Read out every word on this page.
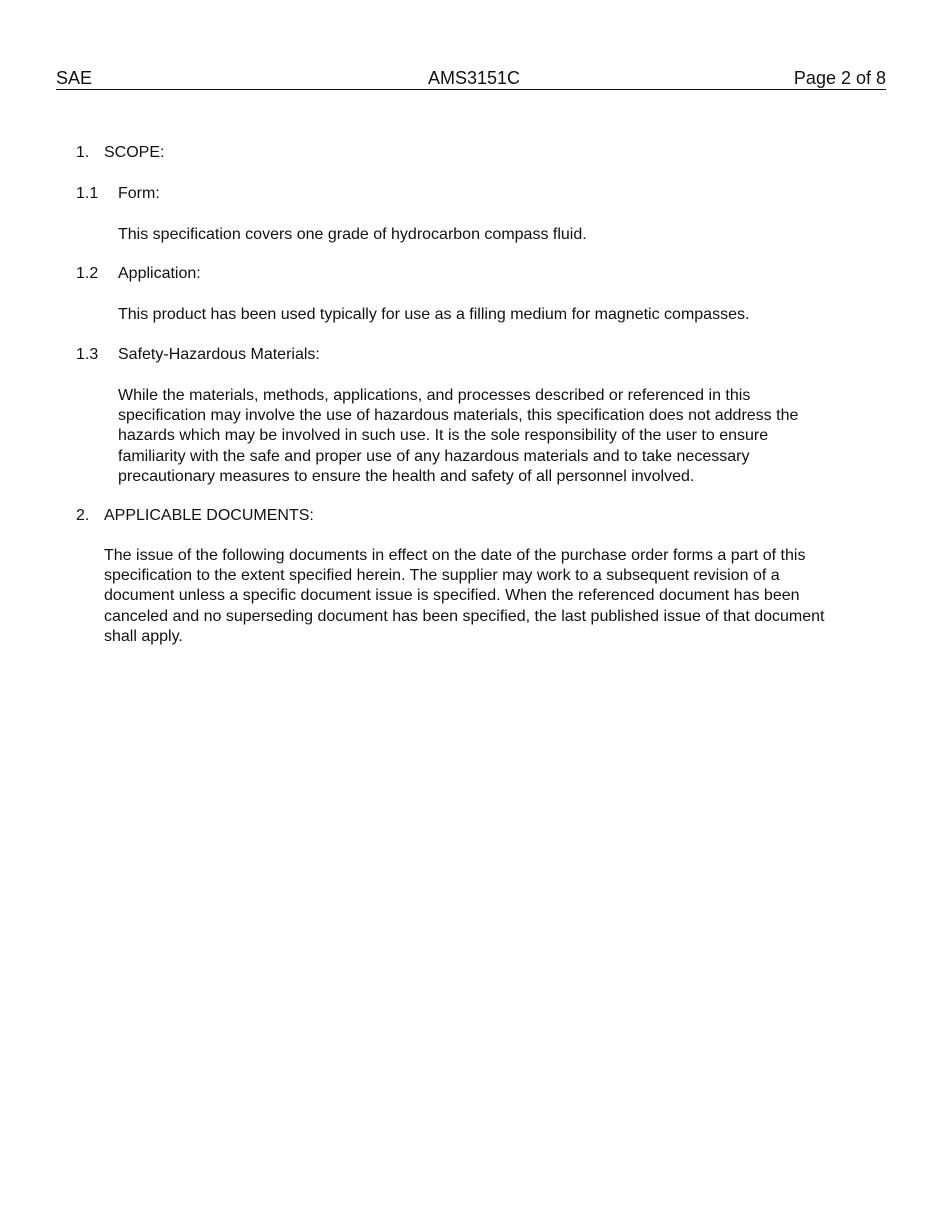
SAE	AMS3151C	Page 2 of 8
1. SCOPE:
1.1 Form:
This specification covers one grade of hydrocarbon compass fluid.
1.2 Application:
This product has been used typically for use as a filling medium for magnetic compasses.
1.3 Safety-Hazardous Materials:
While the materials, methods, applications, and processes described or referenced in this
specification may involve the use of hazardous materials, this specification does not address the
hazards which may be involved in such use. It is the sole responsibility of the user to ensure
familiarity with the safe and proper use of any hazardous materials and to take necessary
precautionary measures to ensure the health and safety of all personnel involved.
2. APPLICABLE DOCUMENTS:
The issue of the following documents in effect on the date of the purchase order forms a part of this
specification to the extent specified herein. The supplier may work to a subsequent revision of a
document unless a specific document issue is specified. When the referenced document has been
canceled and no superseding document has been specified, the last published issue of that document
shall apply.
